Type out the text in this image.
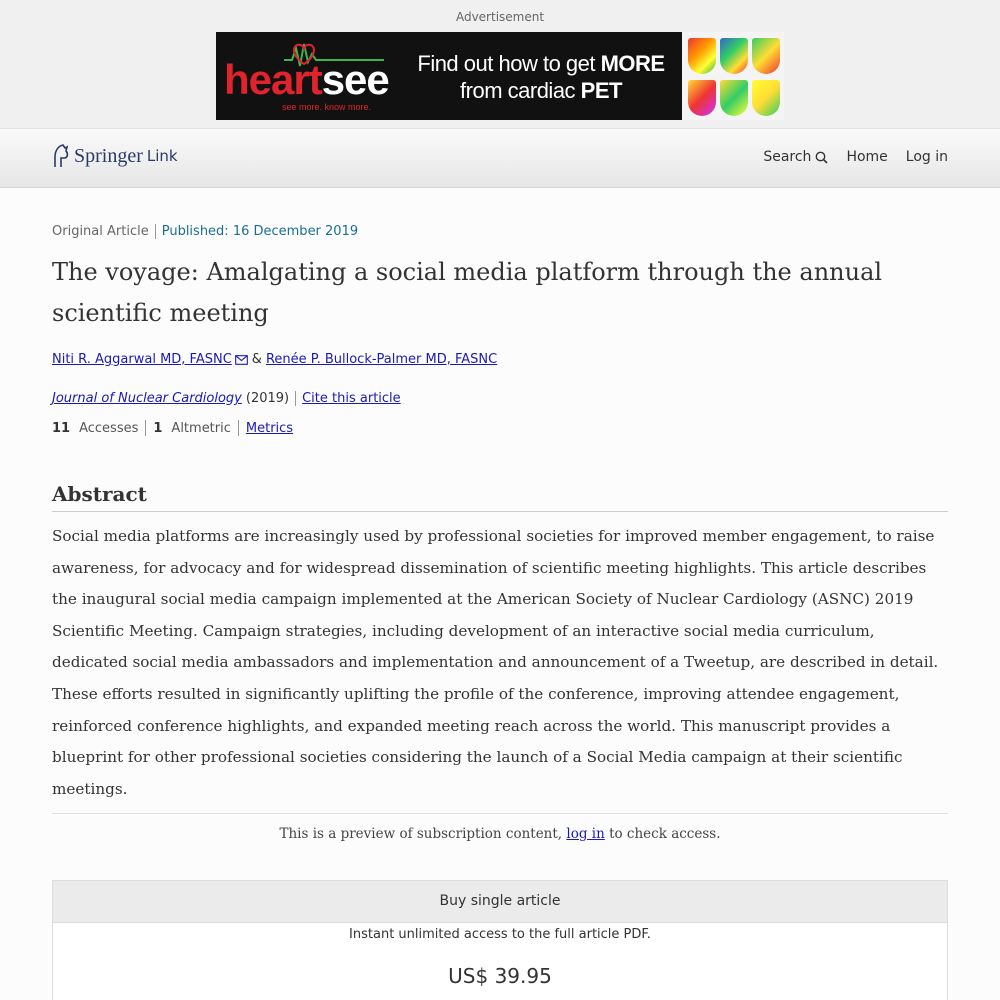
Advertisement
heartsee
see more. know more.
Find out how to get MORE
from cardiac PET
Springer Link	Search	Home Log in
Original Article	Published: 16 December 2019
The voyage: Amalgating a social media platform through the annual scientific meeting
Niti R. Aggarwal MD, FASNC & Renée P. Bullock-Palmer MD, FASNC
Journal of Nuclear Cardiology (2019)	Cite this article
11 Accesses 1 Altmetric Metrics
Abstract

Social media platforms are increasingly used by professional societies for improved member engagement, to raise awareness, for advocacy and for widespread dissemination of scientific meeting highlights. This article describes the inaugural social media campaign implemented at the American Society of Nuclear Cardiology (ASNC) 2019 Scientific Meeting. Campaign strategies, including development of an interactive social media curriculum, dedicated social media ambassadors and implementation and announcement of a Tweetup, are described in detail. These efforts resulted in significantly uplifting the profile of the conference, improving attendee engagement, reinforced conference highlights, and expanded meeting reach across the world. This manuscript provides a blueprint for other professional societies considering the launch of a Social Media campaign at their scientific meetings.

This is a preview of subscription content, log in to check access.
Buy single article
Instant unlimited access to the full article PDF.
US$ 39.95
